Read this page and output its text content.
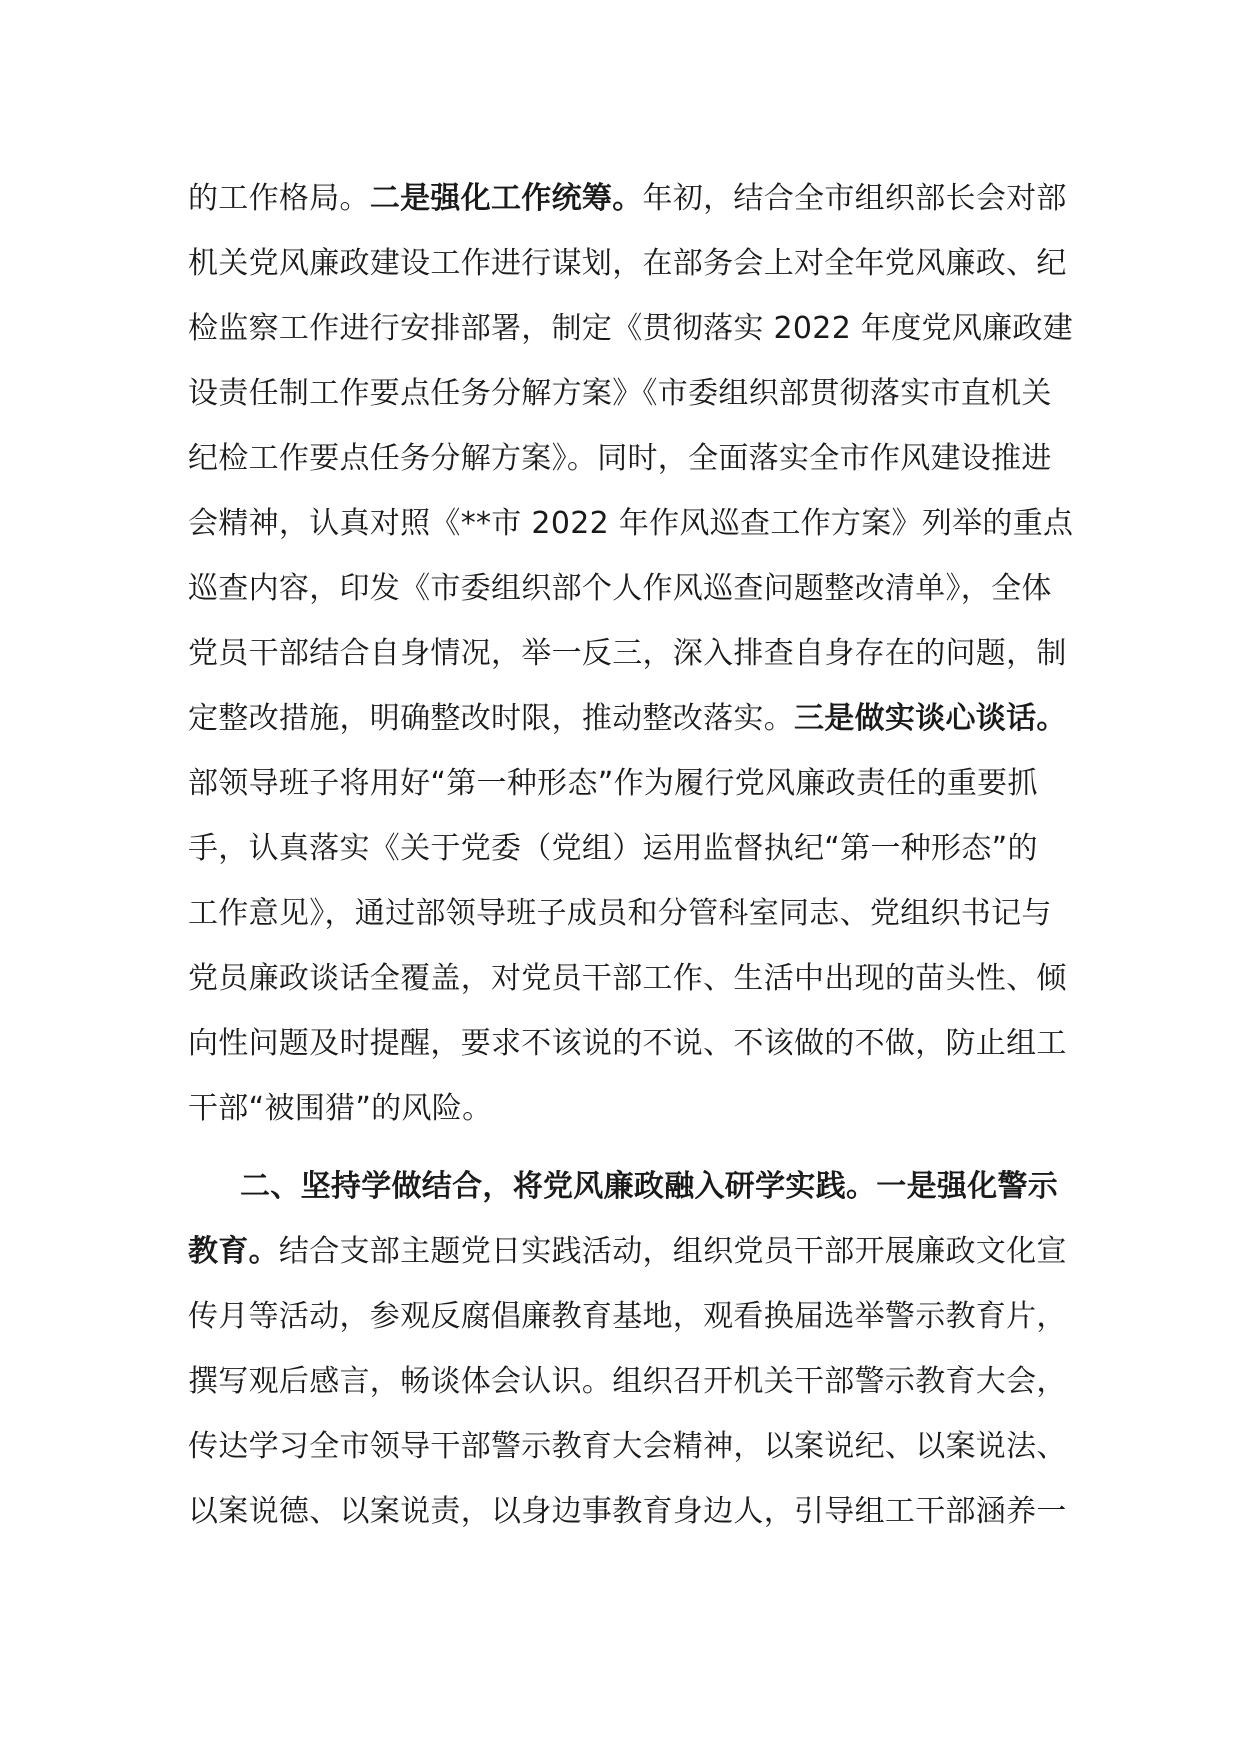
的工作格局。二是强化工作统筹。年初，结合全市组织部长会对部
机关党风廉政建设工作进行谋划，在部务会上对全年党风廉政、纪
检监察工作进行安排部署，制定《贯彻落实 2022 年度党风廉政建
设责任制工作要点任务分解方案》《市委组织部贯彻落实市直机关
纪检工作要点任务分解方案》。同时，全面落实全市作风建设推进
会精神，认真对照《**市 2022 年作风巡查工作方案》列举的重点
巡查内容，印发《市委组织部个人作风巡查问题整改清单》，全体
党员干部结合自身情况，举一反三，深入排查自身存在的问题，制
定整改措施，明确整改时限，推动整改落实。三是做实谈心谈话。
部领导班子将用好“第一种形态”作为履行党风廉政责任的重要抓
手，认真落实《关于党委（党组）运用监督执纪“第一种形态”的
工作意见》，通过部领导班子成员和分管科室同志、党组织书记与
党员廉政谈话全覆盖，对党员干部工作、生活中出现的苗头性、倾
向性问题及时提醒，要求不该说的不说、不该做的不做，防止组工
干部“被围猎”的风险。
二、坚持学做结合，将党风廉政融入研学实践。一是强化警示
教育。结合支部主题党日实践活动，组织党员干部开展廉政文化宣
传月等活动，参观反腐倡廉教育基地，观看换届选举警示教育片，
撰写观后感言，畅谈体会认识。组织召开机关干部警示教育大会，
传达学习全市领导干部警示教育大会精神，以案说纪、以案说法、
以案说德、以案说责，以身边事教育身边人，引导组工干部涵养一
